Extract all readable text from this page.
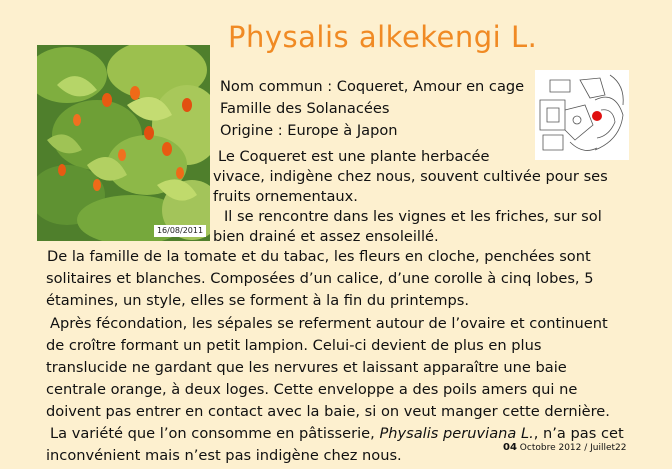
Physalis alkekengi L.
16/08/2011
Nom commun : Coqueret, Amour en cage
Famille des Solanacées
Origine : Europe à Japon
Le Coqueret est une plante herbacée
vivace, indigène chez nous, souvent cultivée pour ses
fruits ornementaux.
Il se rencontre dans les vignes et les friches, sur sol
bien drainé et assez ensoleillé.
De la famille de la tomate et du tabac, les fleurs en cloche, penchées sont
solitaires et blanches. Composées d’un calice, d’une corolle à cinq lobes, 5
étamines, un style, elles se forment à la fin du printemps.
Après fécondation, les sépales se referment autour de l’ovaire et continuent
de croître formant un petit lampion. Celui-ci devient de plus en plus
translucide ne gardant que les nervures et laissant apparaître une baie
centrale orange, à deux loges. Cette enveloppe a des poils amers qui ne
doivent pas entrer en contact avec la baie, si on veut manger cette dernière.
La variété que l’on consomme en pâtisserie, Physalis peruviana L., n’a pas cet
inconvénient mais n’est pas indigène chez nous.	04 Octobre 2012 / Juillet22
